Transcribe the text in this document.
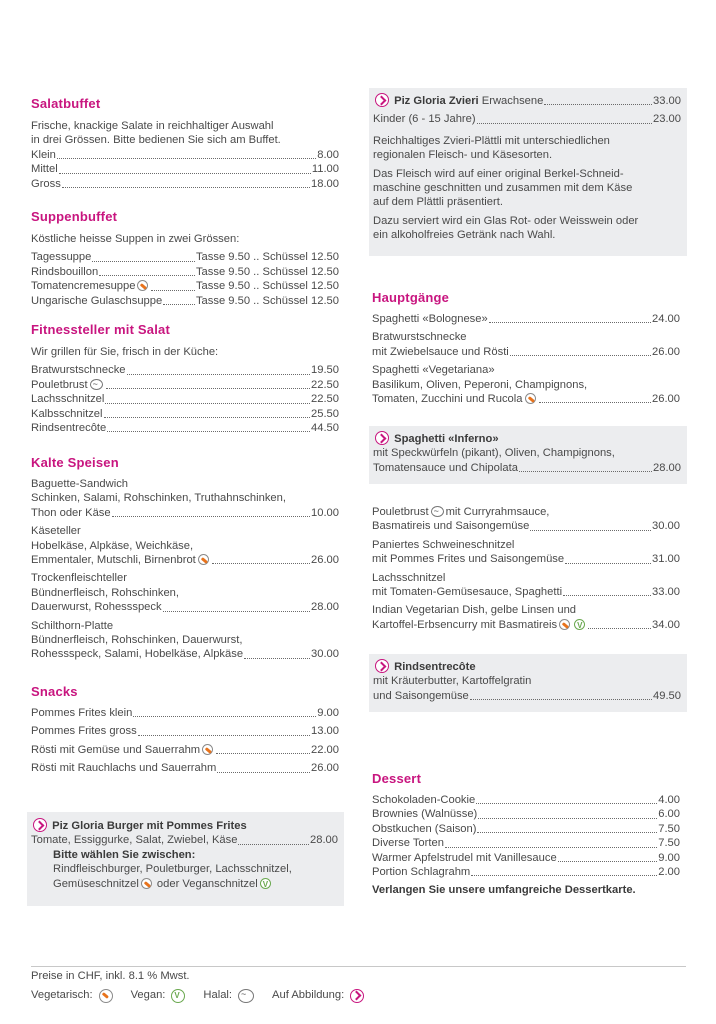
Salatbuffet
Frische, knackige Salate in reichhaltiger Auswahl
in drei Grössen. Bitte bedienen Sie sich am Buffet.
Klein	8.00
Mittel	11.00
Gross	18.00
Suppenbuffet
Köstliche heisse Suppen in zwei Grössen:
Tagessuppe	Tasse 9.50 .. Schüssel 12.50
Rindsbouillon	Tasse 9.50 .. Schüssel 12.50
Tomatencremesuppe	Tasse 9.50 .. Schüssel 12.50
Ungarische Gulaschsuppe	Tasse 9.50 .. Schüssel 12.50
Fitnessteller mit Salat
Wir grillen für Sie, frisch in der Küche:
Bratwurstschnecke	19.50
Pouletbrust ~	22.50
Lachsschnitzel	22.50
Kalbsschnitzel	25.50
Rindsentrecôte	44.50
Kalte Speisen
Baguette-Sandwich
Schinken, Salami, Rohschinken, Truthahnschinken,
Thon oder Käse	10.00
Käseteller
Hobelkäse, Alpkäse, Weichkäse,
Emmentaler, Mutschli, Birnenbrot	26.00
Trockenfleischteller
Bündnerfleisch, Rohschinken,
Dauerwurst, Rohessspeck	28.00
Schilthorn-Platte
Bündnerfleisch, Rohschinken, Dauerwurst,
Rohessspeck, Salami, Hobelkäse, Alpkäse	30.00
Snacks
Pommes Frites klein	9.00
Pommes Frites gross	13.00
Rösti mit Gemüse und Sauerrahm	22.00
Rösti mit Rauchlachs und Sauerrahm	26.00
Piz Gloria Burger mit Pommes Frites
Tomate, Essiggurke, Salat, Zwiebel, Käse	28.00
Bitte wählen Sie zwischen:
Rindfleischburger, Pouletburger, Lachsschnitzel,
Gemüseschnitzel oder VeganschnitzelV
Piz Gloria Zvieri Erwachsene	33.00
Kinder (6 - 15 Jahre)	23.00
Reichhaltiges Zvieri-Plättli mit unterschiedlichen
regionalen Fleisch- und Käsesorten.
Das Fleisch wird auf einer original Berkel-Schneid-
maschine geschnitten und zusammen mit dem Käse
auf dem Plättli präsentiert.
Dazu serviert wird ein Glas Rot- oder Weisswein oder
ein alkoholfreies Getränk nach Wahl.
Hauptgänge
Spaghetti «Bolognese»	24.00
Bratwurstschnecke
mit Zwiebelsauce und Rösti	26.00
Spaghetti «Vegetariana»
Basilikum, Oliven, Peperoni, Champignons,
Tomaten, Zucchini und Rucola	26.00
Spaghetti «Inferno»
mit Speckwürfeln (pikant), Oliven, Champignons,
Tomatensauce und Chipolata	28.00
Pouletbrust ~ mit Curryrahmsauce,
Basmatireis und Saisongemüse	30.00
Paniertes Schweineschnitzel
mit Pommes Frites und Saisongemüse	31.00
Lachsschnitzel
mit Tomaten-Gemüsesauce, Spaghetti	33.00
Indian Vegetarian Dish, gelbe Linsen und
Kartoffel-Erbsencurry mit Basmatireis V	34.00
Rindsentrecôte
mit Kräuterbutter, Kartoffelgratin
und Saisongemüse	49.50
Dessert
Schokoladen-Cookie	4.00
Brownies (Walnüsse)	6.00
Obstkuchen (Saison)	7.50
Diverse Torten	7.50
Warmer Apfelstrudel mit Vanillesauce	9.00
Portion Schlagrahm	2.00
Verlangen Sie unsere umfangreiche Dessertkarte.
Preise in CHF, inkl. 8.1 % Mwst.
Vegetarisch:	Vegan: V	Halal: ~	Auf Abbildung:
